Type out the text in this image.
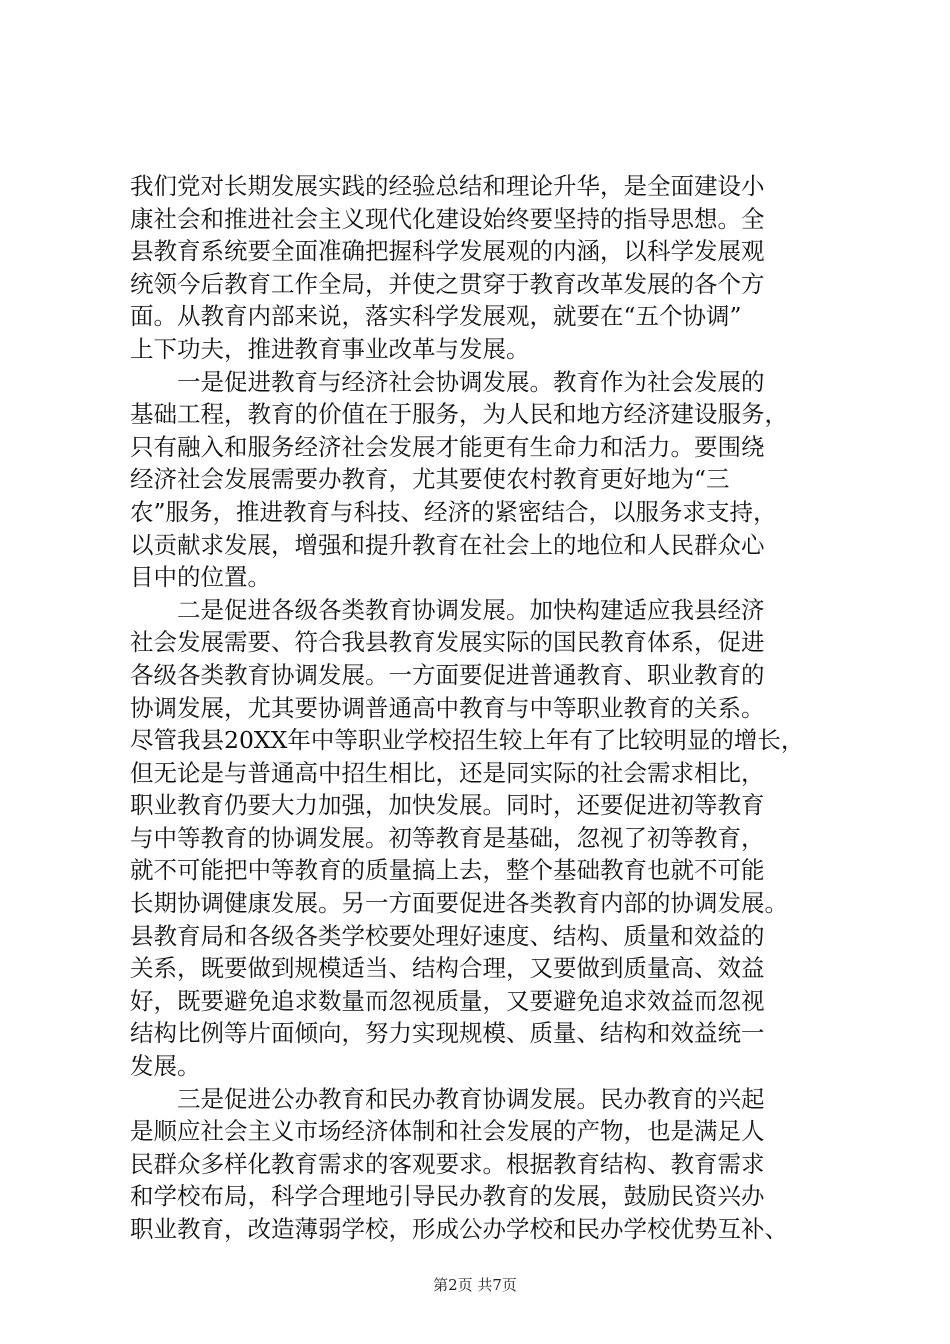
我们党对长期发展实践的经验总结和理论升华，是全面建设小
康社会和推进社会主义现代化建设始终要坚持的指导思想。全
县教育系统要全面准确把握科学发展观的内涵，以科学发展观
统领今后教育工作全局，并使之贯穿于教育改革发展的各个方
面。从教育内部来说，落实科学发展观，就要在“五个协调”
上下功夫，推进教育事业改革与发展。
　　一是促进教育与经济社会协调发展。教育作为社会发展的
基础工程，教育的价值在于服务，为人民和地方经济建设服务，
只有融入和服务经济社会发展才能更有生命力和活力。要围绕
经济社会发展需要办教育，尤其要使农村教育更好地为“三
农”服务，推进教育与科技、经济的紧密结合，以服务求支持，
以贡献求发展，增强和提升教育在社会上的地位和人民群众心
目中的位置。
　　二是促进各级各类教育协调发展。加快构建适应我县经济
社会发展需要、符合我县教育发展实际的国民教育体系，促进
各级各类教育协调发展。一方面要促进普通教育、职业教育的
协调发展，尤其要协调普通高中教育与中等职业教育的关系。
尽管我县20XX年中等职业学校招生较上年有了比较明显的增长，
但无论是与普通高中招生相比，还是同实际的社会需求相比，
职业教育仍要大力加强，加快发展。同时，还要促进初等教育
与中等教育的协调发展。初等教育是基础，忽视了初等教育，
就不可能把中等教育的质量搞上去，整个基础教育也就不可能
长期协调健康发展。另一方面要促进各类教育内部的协调发展。
县教育局和各级各类学校要处理好速度、结构、质量和效益的
关系，既要做到规模适当、结构合理，又要做到质量高、效益
好，既要避免追求数量而忽视质量，又要避免追求效益而忽视
结构比例等片面倾向，努力实现规模、质量、结构和效益统一
发展。
　　三是促进公办教育和民办教育协调发展。民办教育的兴起
是顺应社会主义市场经济体制和社会发展的产物，也是满足人
民群众多样化教育需求的客观要求。根据教育结构、教育需求
和学校布局，科学合理地引导民办教育的发展，鼓励民资兴办
职业教育，改造薄弱学校，形成公办学校和民办学校优势互补、
第2页 共7页
